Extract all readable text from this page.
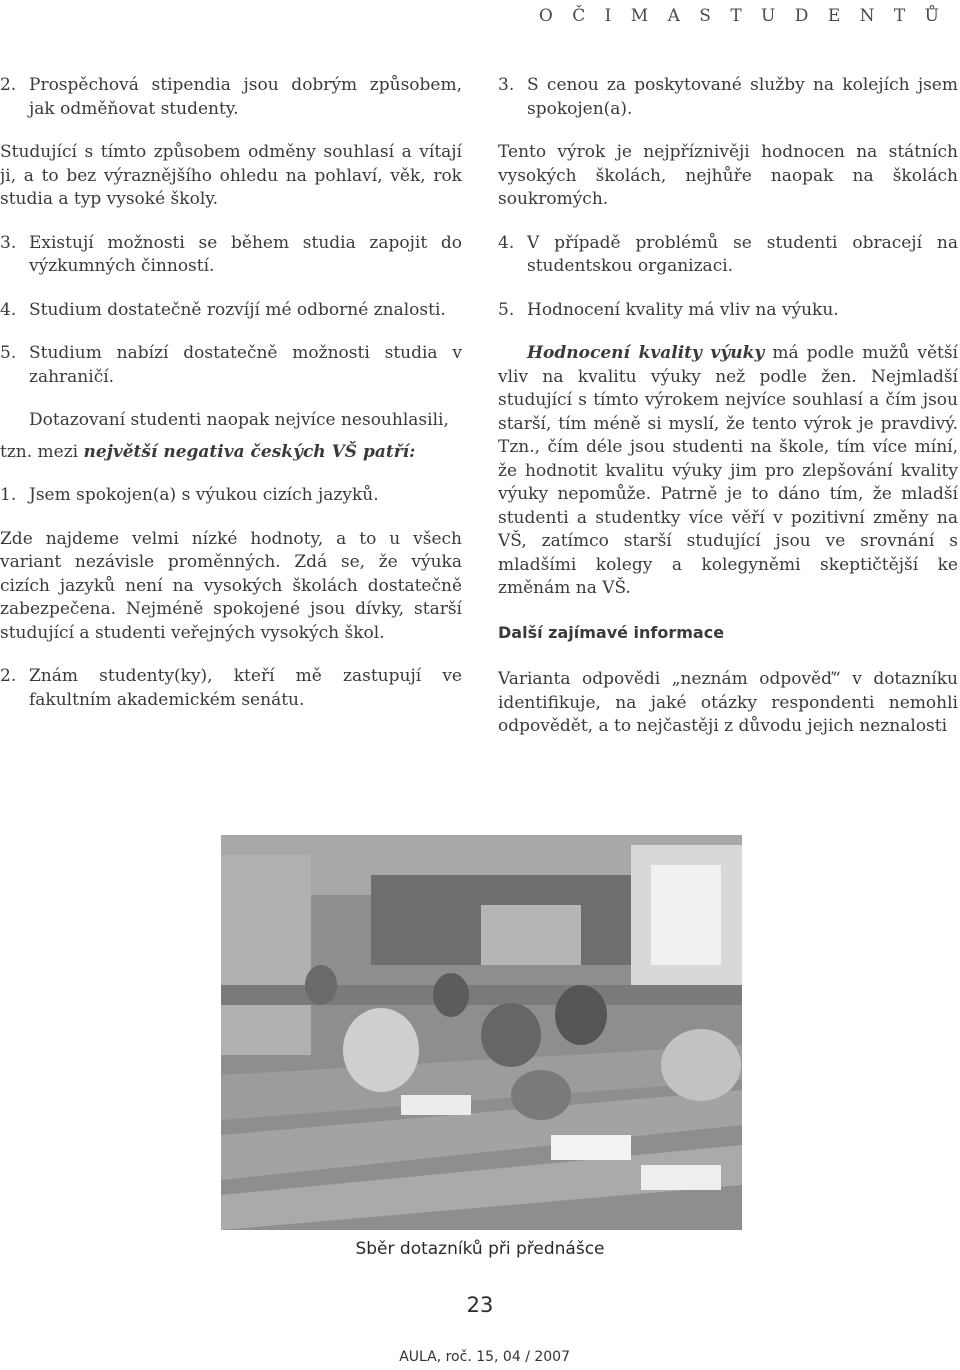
O Č I M A S T U D E N T Ů
2. Prospěchová stipendia jsou dobrým způsobem, jak odměňovat studenty.

Studující s tímto způsobem odměny souhlasí a vítají ji, a to bez výraznějšího ohledu na pohlaví, věk, rok studia a typ vysoké školy.

3. Existují možnosti se během studia zapojit do výzkumných činností.
4. Studium dostatečně rozvíjí mé odborné znalosti.
5. Studium nabízí dostatečně možnosti studia v zahraničí.

Dotazovaní studenti naopak nejvíce nesouhlasili,

tzn. mezi největší negativa českých VŠ patří:

1. Jsem spokojen(a) s výukou cizích jazyků.

Zde najdeme velmi nízké hodnoty, a to u všech variant nezávisle proměnných. Zdá se, že výuka cizích jazyků není na vysokých školách dostatečně zabezpečena. Nejméně spokojené jsou dívky, starší studující a studenti veřejných vysokých škol.

2. Znám studenty(ky), kteří mě zastupují ve fakultním akademickém senátu.
3. S cenou za poskytované služby na kolejích jsem spokojen(a).

Tento výrok je nejpříznivěji hodnocen na státních vysokých školách, nejhůře naopak na školách soukromých.

4. V případě problémů se studenti obracejí na studentskou organizaci.
5. Hodnocení kvality má vliv na výuku.

Hodnocení kvality výuky má podle mužů větší vliv na kvalitu výuky než podle žen. Nejmladší studující s tímto výrokem nejvíce souhlasí a čím jsou starší, tím méně si myslí, že tento výrok je pravdivý. Tzn., čím déle jsou studenti na škole, tím více míní, že hodnotit kvalitu výuky jim pro zlepšování kvality výuky nepomůže. Patrně je to dáno tím, že mladší studenti a studentky více věří v pozitivní změny na VŠ, zatímco starší studující jsou ve srovnání s mladšími kolegy a kolegyněmi skeptičtější ke změnám na VŠ.

Další zajímavé informace

Varianta odpovědi „neznám odpověď“ v dotazníku identifikuje, na jaké otázky respondenti nemohli odpovědět, a to nejčastěji z důvodu jejich neznalosti

Sběr dotazníků při přednášce
23
AULA, roč. 15, 04 / 2007
